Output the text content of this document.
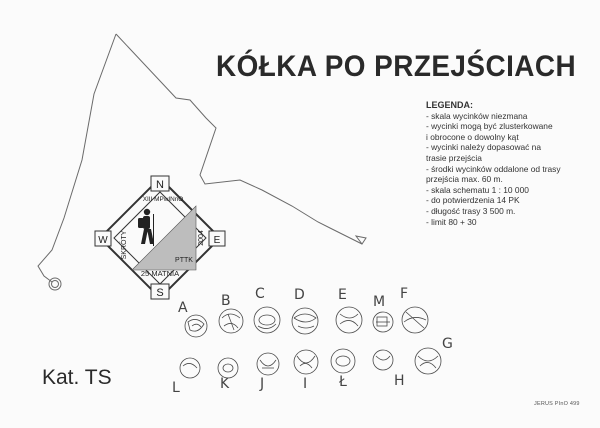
N
S
W	E
XIII MPwINnO
SKRÓTY	2004
PTTK
25 MATNIA
KÓŁKA PO PRZEJŚCIACH
LEGENDA:
- skala wycinków niezmana
- wycinki mogą być zlusterkowane
i obrocone o dowolny kąt
- wycinki należy dopasować na
trasie przejścia
- środki wycinków oddalone od trasy
przejścia max. 60 m.
- skala schematu 1 : 10 000
- do potwierdzenia 14 PK
- długość trasy 3 500 m.
- limit 80 + 30
A B C D E M F
L	K J	I Ł	H
G
Kat. TS
JERUS PInO 499
